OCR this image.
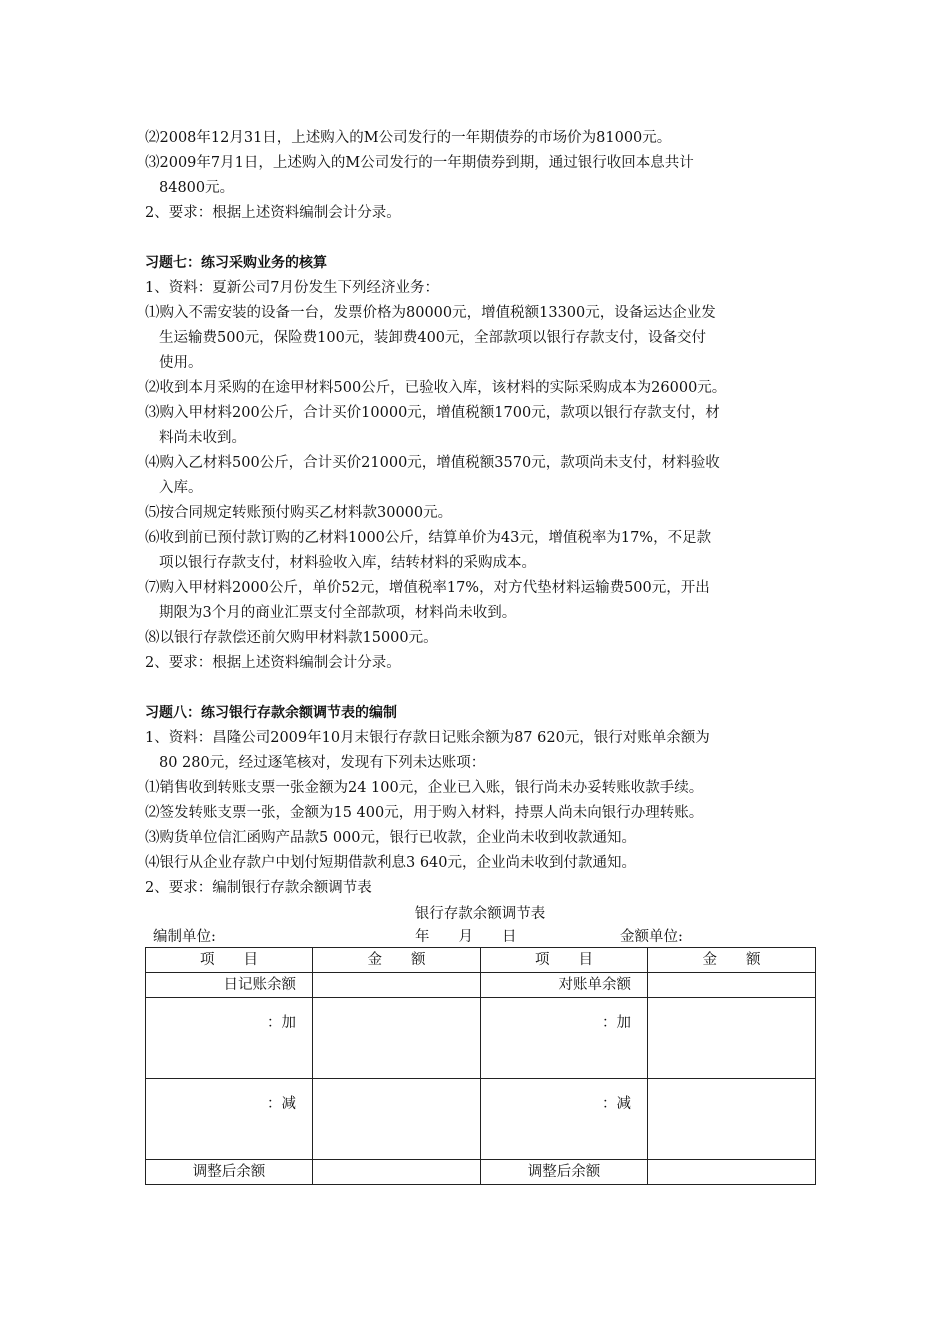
⑵2008年12月31日，上述购入的M公司发行的一年期债券的市场价为81000元。
⑶2009年7月1日，上述购入的M公司发行的一年期债券到期，通过银行收回本息共计
84800元。
2、要求：根据上述资料编制会计分录。
习题七：练习采购业务的核算
1、资料：夏新公司7月份发生下列经济业务：
⑴购入不需安装的设备一台，发票价格为80000元，增值税额13300元，设备运达企业发
生运输费500元，保险费100元，装卸费400元，全部款项以银行存款支付，设备交付
使用。
⑵收到本月采购的在途甲材料500公斤，已验收入库，该材料的实际采购成本为26000元。
⑶购入甲材料200公斤，合计买价10000元，增值税额1700元，款项以银行存款支付，材
料尚未收到。
⑷购入乙材料500公斤，合计买价21000元，增值税额3570元，款项尚未支付，材料验收
入库。
⑸按合同规定转账预付购买乙材料款30000元。
⑹收到前已预付款订购的乙材料1000公斤，结算单价为43元，增值税率为17%，不足款
项以银行存款支付，材料验收入库，结转材料的采购成本。
⑺购入甲材料2000公斤，单价52元，增值税率17%，对方代垫材料运输费500元，开出
期限为3个月的商业汇票支付全部款项，材料尚未收到。
⑻以银行存款偿还前欠购甲材料款15000元。
2、要求：根据上述资料编制会计分录。
习题八：练习银行存款余额调节表的编制
1、资料：昌隆公司2009年10月末银行存款日记账余额为87 620元，银行对账单余额为
80 280元，经过逐笔核对，发现有下列未达账项：
⑴销售收到转账支票一张金额为24 100元，企业已入账，银行尚未办妥转账收款手续。
⑵签发转账支票一张，金额为15 400元，用于购入材料，持票人尚未向银行办理转账。
⑶购货单位信汇函购产品款5 000元，银行已收款，企业尚未收到收款通知。
⑷银行从企业存款户中划付短期借款利息3 640元，企业尚未收到付款通知。
2、要求：编制银行存款余额调节表
银行存款余额调节表
编制单位:	年　　月　　日	金额单位:
项　　目	金　　额	项　　目	金　　额
日记账余额		对账单余额	
：加		：加	
：减		：减	
调整后余额		调整后余额	
